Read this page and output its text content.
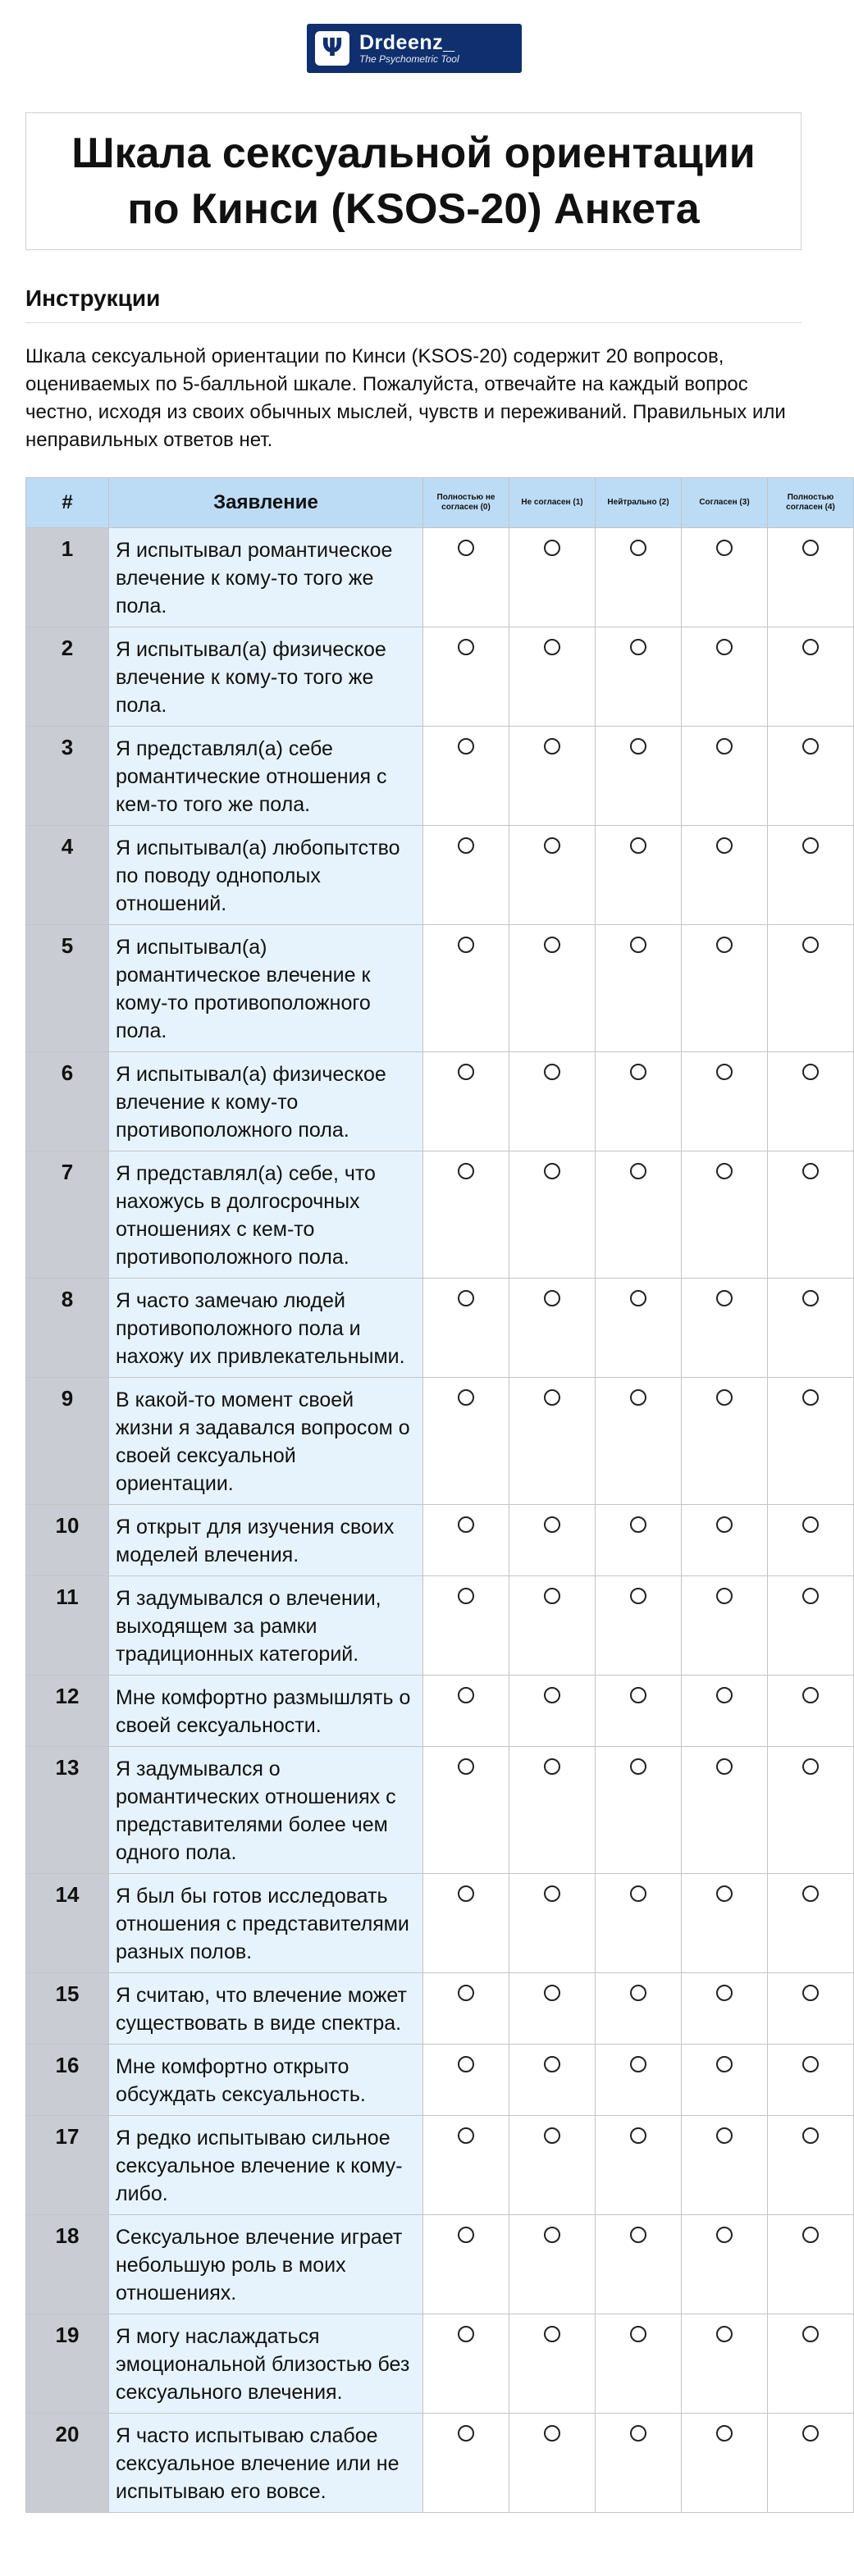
Ψ Drdeenz_
The Psychometric Tool
Шкала сексуальной ориентации по Кинси (KSOS-20) Анкета
Инструкции
Шкала сексуальной ориентации по Кинси (KSOS-20) содержит 20 вопросов, оцениваемых по 5-балльной шкале. Пожалуйста, отвечайте на каждый вопрос честно, исходя из своих обычных мыслей, чувств и переживаний. Правильных или неправильных ответов нет.
#	Заявление	Полностью не согласен (0)	Не согласен (1)	Нейтрально (2)	Согласен (3)	Полностью согласен (4)
1	Я испытывал романтическое влечение к кому-то того же пола.					
2	Я испытывал(а) физическое влечение к кому-то того же пола.					
3	Я представлял(а) себе романтические отношения с кем-то того же пола.					
4	Я испытывал(а) любопытство по поводу однополых отношений.					
5	Я испытывал(а) романтическое влечение к кому-то противоположного пола.					
6	Я испытывал(а) физическое влечение к кому-то противоположного пола.					
7	Я представлял(а) себе, что нахожусь в долгосрочных отношениях с кем-то противоположного пола.					
8	Я часто замечаю людей противоположного пола и нахожу их привлекательными.					
9	В какой-то момент своей жизни я задавался вопросом о своей сексуальной ориентации.					
10	Я открыт для изучения своих моделей влечения.					
11	Я задумывался о влечении, выходящем за рамки традиционных категорий.					
12	Мне комфортно размышлять о своей сексуальности.					
13	Я задумывался о романтических отношениях с представителями более чем одного пола.					
14	Я был бы готов исследовать отношения с представителями разных полов.					
15	Я считаю, что влечение может существовать в виде спектра.					
16	Мне комфортно открыто обсуждать сексуальность.					
17	Я редко испытываю сильное сексуальное влечение к кому-либо.					
18	Сексуальное влечение играет небольшую роль в моих отношениях.					
19	Я могу наслаждаться эмоциональной близостью без сексуального влечения.					
20	Я часто испытываю слабое сексуальное влечение или не испытываю его вовсе.					
